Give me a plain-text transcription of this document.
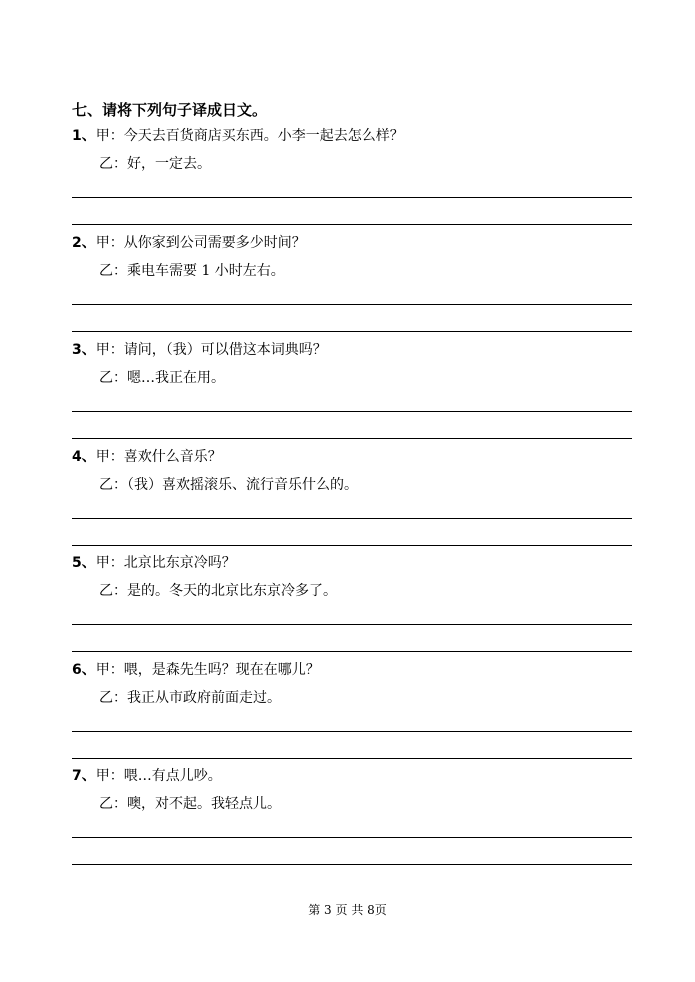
七、请将下列句子译成日文。
1、甲：今天去百货商店买东西。小李一起去怎么样？
乙：好，一定去。
2、甲：从你家到公司需要多少时间？
乙：乘电车需要 1 小时左右。
3、甲：请问，（我）可以借这本词典吗？
乙：嗯…我正在用。
4、甲：喜欢什么音乐？
乙：（我）喜欢摇滚乐、流行音乐什么的。
5、甲：北京比东京冷吗？
乙：是的。冬天的北京比东京冷多了。
6、甲：喂，是森先生吗？现在在哪儿？
乙：我正从市政府前面走过。
7、甲：喂…有点儿吵。
乙：噢，对不起。我轻点儿。
第 3 页 共 8页
